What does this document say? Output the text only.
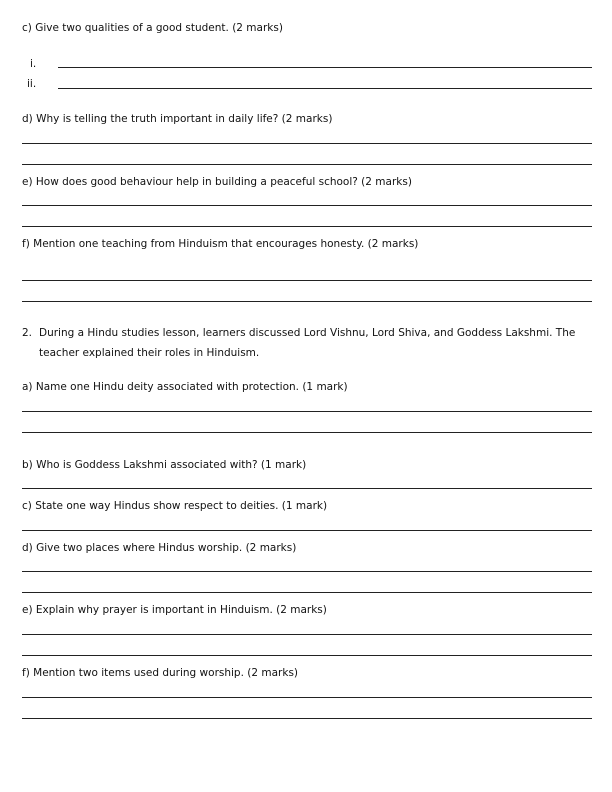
c) Give two qualities of a good student. (2 marks)
i.
ii.
d) Why is telling the truth important in daily life? (2 marks)
e) How does good behaviour help in building a peaceful school? (2 marks)
f) Mention one teaching from Hinduism that encourages honesty. (2 marks)
2. During a Hindu studies lesson, learners discussed Lord Vishnu, Lord Shiva, and Goddess Lakshmi. The
teacher explained their roles in Hinduism.
a) Name one Hindu deity associated with protection. (1 mark)
b) Who is Goddess Lakshmi associated with? (1 mark)
c) State one way Hindus show respect to deities. (1 mark)
d) Give two places where Hindus worship. (2 marks)
e) Explain why prayer is important in Hinduism. (2 marks)
f) Mention two items used during worship. (2 marks)
